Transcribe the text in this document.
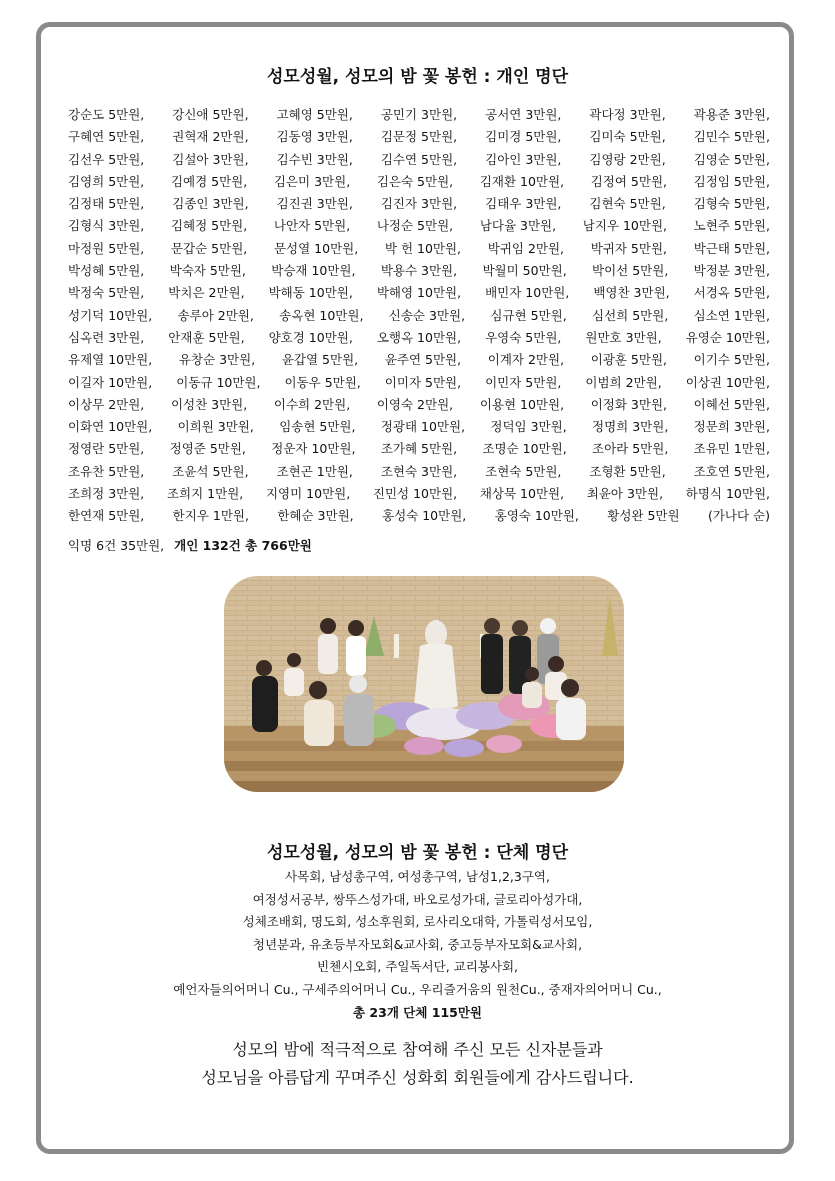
성모성월, 성모의 밤 꽃 봉헌 : 개인 명단
강순도 5만원, 강신애 5만원, 고혜영 5만원, 공민기 3만원, 공서연 3만원, 곽다정 3만원, 곽용준 3만원,
구혜연 5만원, 권혁재 2만원, 김동영 3만원, 김문정 5만원, 김미경 5만원, 김미숙 5만원, 김민수 5만원,
김선우 5만원, 김설아 3만원, 김수빈 3만원, 김수연 5만원, 김아인 3만원, 김영랑 2만원, 김영순 5만원,
김영희 5만원, 김예경 5만원, 김은미 3만원, 김은숙 5만원, 김재환 10만원, 김정여 5만원, 김정임 5만원,
김정태 5만원, 김종인 3만원, 김진권 3만원, 김진자 3만원, 김태우 3만원, 김현숙 5만원, 김형숙 5만원,
김형식 3만원, 김혜정 5만원, 나안자 5만원, 나정순 5만원, 남다율 3만원, 남지우 10만원, 노현주 5만원,
마정원 5만원, 문갑순 5만원, 문성열 10만원, 박 헌 10만원, 박귀임 2만원, 박귀자 5만원, 박근태 5만원,
박성혜 5만원, 박숙자 5만원, 박승재 10만원, 박용수 3만원, 박월미 50만원, 박이선 5만원, 박정분 3만원,
박정숙 5만원, 박치은 2만원, 박해동 10만원, 박해영 10만원, 배민자 10만원, 백영찬 3만원, 서경옥 5만원,
성기덕 10만원, 송루아 2만원, 송옥현 10만원, 신송순 3만원, 심규현 5만원, 심선희 5만원, 심소연 1만원,
심옥련 3만원, 안재훈 5만원, 양호경 10만원, 오행옥 10만원, 우영숙 5만원, 원만호 3만원, 유영순 10만원,
유제열 10만원, 유창순 3만원, 윤갑열 5만원, 윤주연 5만원, 이계자 2만원, 이광훈 5만원, 이기수 5만원,
이길자 10만원, 이동규 10만원, 이동우 5만원, 이미자 5만원, 이민자 5만원, 이범희 2만원, 이상권 10만원,
이상무 2만원, 이성찬 3만원, 이수희 2만원, 이영숙 2만원, 이용현 10만원, 이정화 3만원, 이혜선 5만원,
이화연 10만원, 이희원 3만원, 임송현 5만원, 정광태 10만원, 정덕임 3만원, 정명희 3만원, 정문희 3만원,
정영란 5만원, 정영준 5만원, 정운자 10만원, 조가혜 5만원, 조명순 10만원, 조아라 5만원, 조유민 1만원,
조유찬 5만원, 조윤석 5만원, 조현곤 1만원, 조현숙 3만원, 조현숙 5만원, 조형환 5만원, 조호연 5만원,
조희정 3만원, 조희지 1만원, 지영미 10만원, 진민성 10만원, 채상묵 10만원, 최윤아 3만원, 하명식 10만원,
한연재 5만원, 한지우 1만원, 한혜순 3만원, 홍성숙 10만원, 홍영숙 10만원, 황성완 5만원 (가나다 순)
익명 6건 35만원, 개인 132건 총 766만원
성모성월, 성모의 밤 꽃 봉헌 : 단체 명단
사목회, 남성총구역, 여성총구역, 남성1,2,3구역,
여정성서공부, 쌍뚜스성가대, 바오로성가대, 글로리아성가대,
성체조배회, 명도회, 성소후원회, 로사리오대학, 가톨릭성서모임,
청년분과, 유초등부자모회&교사회, 중고등부자모회&교사회,
빈첸시오회, 주일독서단, 교리봉사회,
예언자들의어머니 Cu., 구세주의어머니 Cu., 우리즐거움의 원천Cu., 중재자의어머니 Cu.,
총 23개 단체 115만원
성모의 밤에 적극적으로 참여해 주신 모든 신자분들과
성모님을 아름답게 꾸며주신 성화회 회원들에게 감사드립니다.
